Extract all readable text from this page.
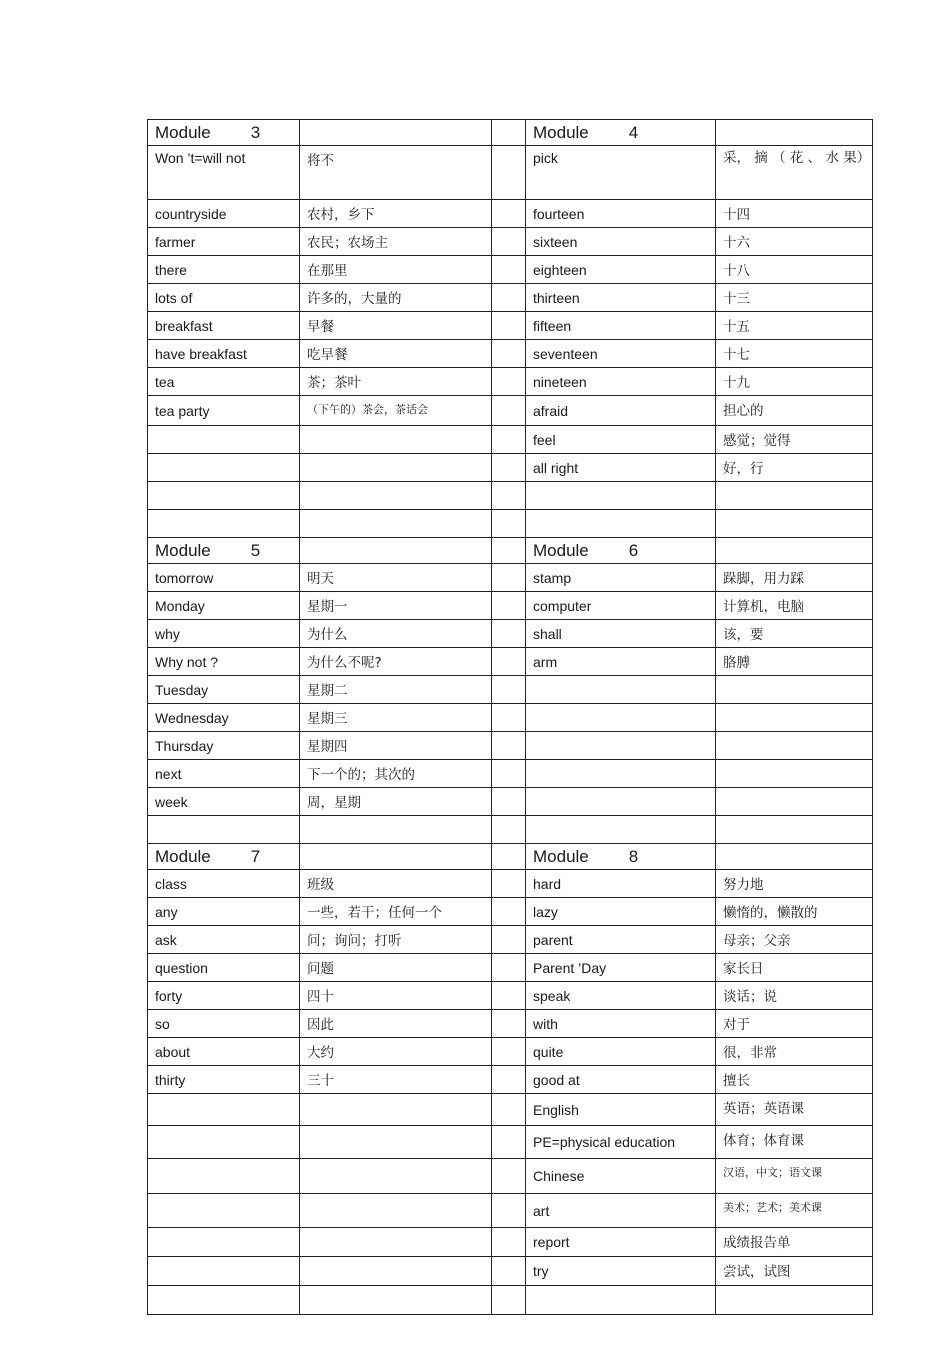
Module 3			Module 4	
Won ’t=will not	将不		pick	采， 摘 （ 花 、 水 果）
countryside	农村，乡下		fourteen	十四
farmer	农民；农场主		sixteen	十六
there	在那里		eighteen	十八
lots of	许多的，大量的		thirteen	十三
breakfast	早餐		fifteen	十五
have breakfast	吃早餐		seventeen	十七
tea	茶；茶叶		nineteen	十九
tea party	（下午的）茶会，茶话会		afraid	担心的
			feel	感觉；觉得
			all right	好，行

Module 5			Module 6	
tomorrow	明天		stamp	跺脚，用力踩
Monday	星期一		computer	计算机，电脑
why	为什么		shall	该，要
Why not ?	为什么不呢?		arm	胳膊
Tuesday	星期二			
Wednesday	星期三			
Thursday	星期四			
next	下一个的；其次的			
week	周，星期			

Module 7			Module 8	
class	班级		hard	努力地
any	一些，若干；任何一个		lazy	懒惰的，懒散的
ask	问；询问；打听		parent	母亲；父亲
question	问题		Parent ’Day	家长日
forty	四十		speak	谈话；说
so	因此		with	对于
about	大约		quite	很，非常
thirty	三十		good at	擅长
			English	英语；英语课
			PE=physical education	体育；体育课
			Chinese	汉语，中文；语文课
			art	美术；艺术；美术课
			report	成绩报告单
			try	尝试，试图
